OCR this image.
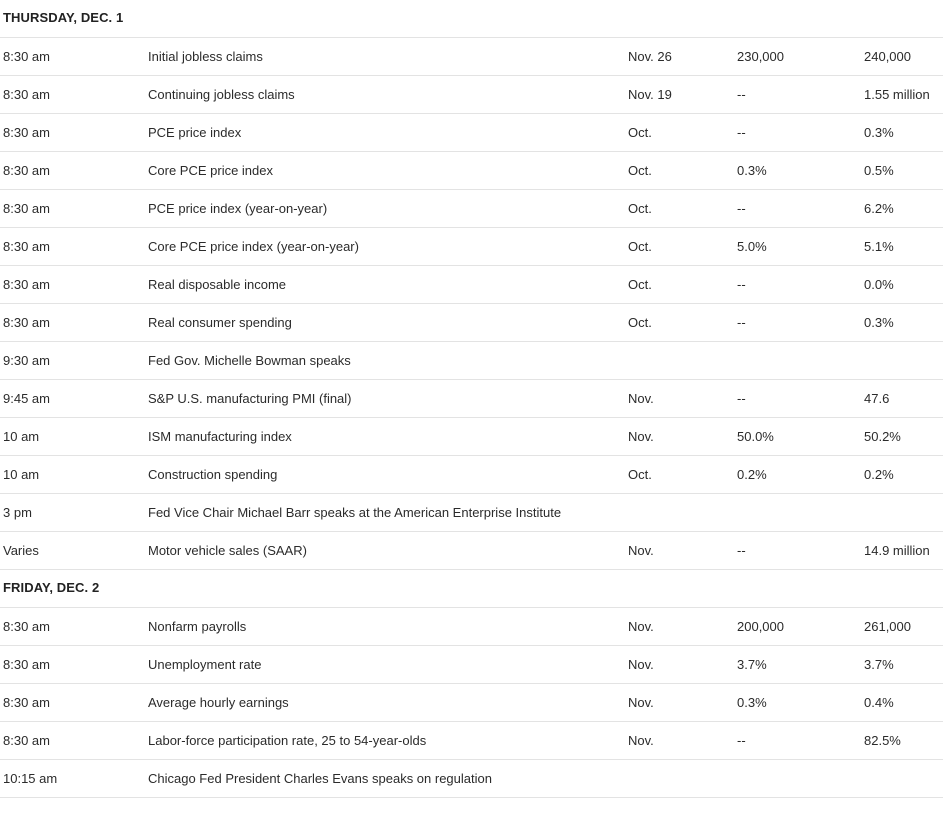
THURSDAY, DEC. 1
8:30 am	Initial jobless claims	Nov. 26	230,000	240,000
8:30 am	Continuing jobless claims	Nov. 19	--	1.55 million
8:30 am	PCE price index	Oct.	--	0.3%
8:30 am	Core PCE price index	Oct.	0.3%	0.5%
8:30 am	PCE price index (year-on-year)	Oct.	--	6.2%
8:30 am	Core PCE price index (year-on-year)	Oct.	5.0%	5.1%
8:30 am	Real disposable income	Oct.	--	0.0%
8:30 am	Real consumer spending	Oct.	--	0.3%
9:30 am	Fed Gov. Michelle Bowman speaks
9:45 am	S&P U.S. manufacturing PMI (final)	Nov.	--	47.6
10 am	ISM manufacturing index	Nov.	50.0%	50.2%
10 am	Construction spending	Oct.	0.2%	0.2%
3 pm	Fed Vice Chair Michael Barr speaks at the American Enterprise Institute
Varies	Motor vehicle sales (SAAR)	Nov.	--	14.9 million
FRIDAY, DEC. 2
8:30 am	Nonfarm payrolls	Nov.	200,000	261,000
8:30 am	Unemployment rate	Nov.	3.7%	3.7%
8:30 am	Average hourly earnings	Nov.	0.3%	0.4%
8:30 am	Labor-force participation rate, 25 to 54-year-olds	Nov.	--	82.5%
10:15 am	Chicago Fed President Charles Evans speaks on regulation
